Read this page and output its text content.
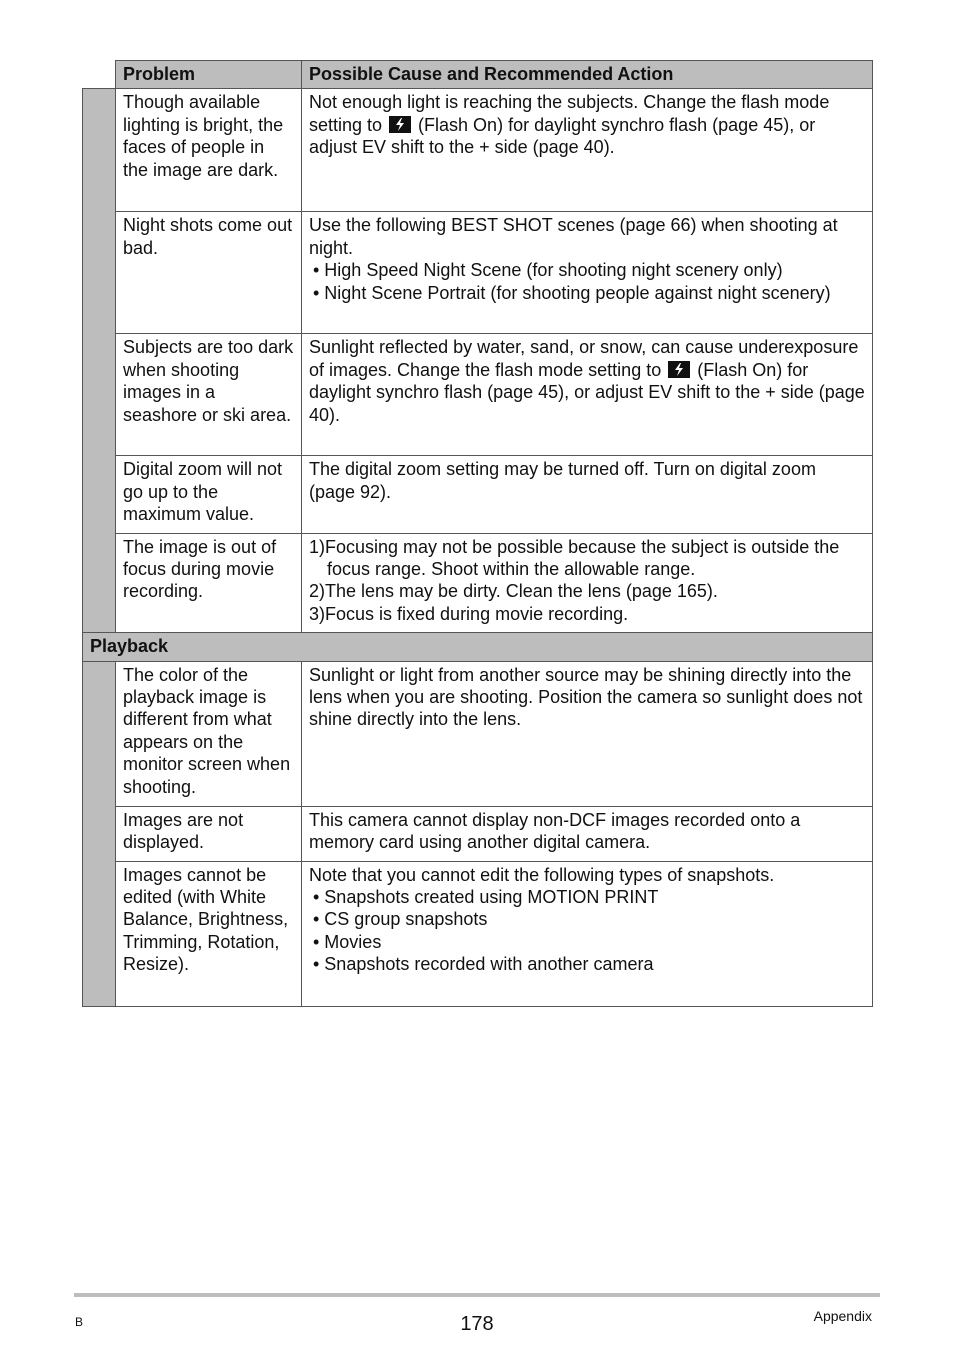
	Problem	Possible Cause and Recommended Action
	Though available lighting is bright, the faces of people in the image are dark.	Not enough light is reaching the subjects. Change the flash mode setting to
(Flash On) for daylight synchro flash (page 45), or adjust EV shift to the + side (page 40).
	Night shots come out bad.	Use the following BEST SHOT scenes (page 66) when shooting at night.
• High Speed Night Scene (for shooting night scenery only)
• Night Scene Portrait (for shooting people against night scenery)

	Subjects are too dark when shooting images in a seashore or ski area.	Sunlight reflected by water, sand, or snow, can cause underexposure of images. Change the flash mode setting to
(Flash On) for daylight synchro flash (page 45), or adjust EV shift to the + side (page 40).
	Digital zoom will not go up to the maximum value.	The digital zoom setting may be turned off. Turn on digital zoom (page 92).
	The image is out of focus during movie recording.	1)Focusing may not be possible because the subject is outside the focus range. Shoot within the allowable range.
2)The lens may be dirty. Clean the lens (page 165).
3)Focus is fixed during movie recording.

Playback		
	The color of the playback image is different from what appears on the monitor screen when shooting.	Sunlight or light from another source may be shining directly into the lens when you are shooting. Position the camera so sunlight does not shine directly into the lens.
	Images are not displayed.	This camera cannot display non-DCF images recorded onto a memory card using another digital camera.
	Images cannot be edited (with White Balance, Brightness, Trimming, Rotation, Resize).	Note that you cannot edit the following types of snapshots.
• Snapshots created using MOTION PRINT
• CS group snapshots
• Movies
• Snapshots recorded with another camera
B	178	Appendix
